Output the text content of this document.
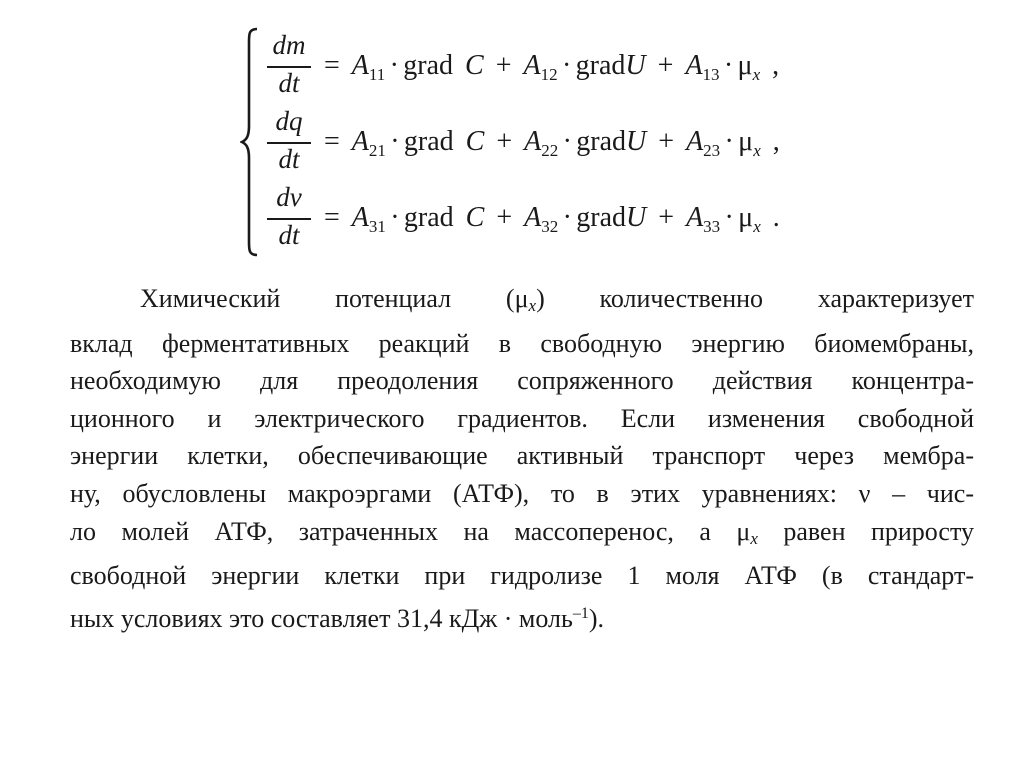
dm
dt
= $A_{11}$ · grad $C + A_{12}$ · gradU + $A_{13} \cdot \mu_x$ ,
dq
dt
= $A_{21}$ · grad $C + A_{22}$ · gradU + $A_{23} \cdot \mu_x$ ,
dν
dt
= $A_{31}$ · grad $C + A_{32}$ · gradU + $A_{33} \cdot \mu_x$ .

Химический потенциал $(\mu_x)$ количественно характеризует
вклад ферментативных реакций в свободную энергию биомембраны,
необходимую для преодоления сопряженного действия концентра-
ционного и электрического градиентов. Если изменения свободной
энергии клетки, обеспечивающие активный транспорт через мембра-
ну, обусловлены макроэргами (АТФ), то в этих уравнениях: ν – чис-
ло молей АТФ, затраченных на массоперенос, а $\mu_x$ равен приросту
свободной энергии клетки при гидролизе 1 моля АТФ (в стандарт-
ных условиях это составляет 31,4 кДж · моль$^{-1}$).
